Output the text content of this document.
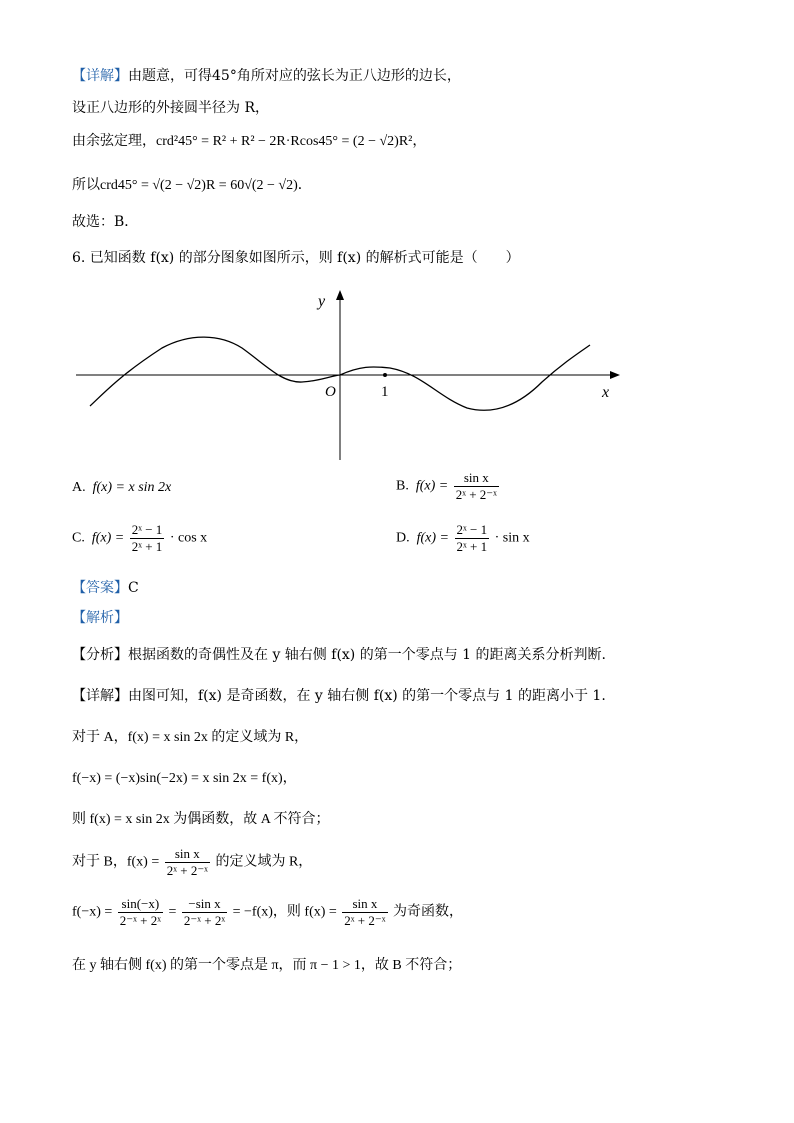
【详解】由题意，可得45°角所对应的弦长为正八边形的边长，
设正八边形的外接圆半径为 R，
由余弦定理，crd²45° = R² + R² − 2R·Rcos45° = (2 − √2)R²，
所以crd45° = √(2 − √2)R = 60√(2 − √2)．
故选：B．
6. 已知函数 f(x) 的部分图象如图所示，则 f(x) 的解析式可能是（　　）
y
x
O	1
A. f(x) = x sin 2x	B. $f(x) = \frac{\text{sin x}}{\text{2ˣ + 2⁻ˣ}}$
C. $f(x) = \frac{\text{2ˣ − 1}}{\text{2ˣ + 1}} \cdot \cos x$	D. $f(x) = \frac{\text{2ˣ − 1}}{\text{2ˣ + 1}} \cdot \sin x$
【答案】C
【解析】
【分析】根据函数的奇偶性及在 y 轴右侧 f(x) 的第一个零点与 1 的距离关系分析判断.
【详解】由图可知，f(x) 是奇函数，在 y 轴右侧 f(x) 的第一个零点与 1 的距离小于 1.
对于 A，f(x) = x sin 2x 的定义域为 R，
f(−x) = (−x)sin(−2x) = x sin 2x = f(x)，
则 f(x) = x sin 2x 为偶函数，故 A 不符合；
对于 B，$f(x) = \frac{\text{sin x}}{\text{2ˣ + 2⁻ˣ}}$ 的定义域为 R，
$f(-x) = \frac{\sin(-x)}{\text{2⁻ˣ + 2ˣ}} = \frac{\text{−sin x}}{\text{2⁻ˣ + 2ˣ}} = -f(x)$，则 $f(x) = \frac{\text{sin x}}{\text{2ˣ + 2⁻ˣ}}$ 为奇函数，
在 y 轴右侧 f(x) 的第一个零点是 π，而 π − 1 > 1，故 B 不符合；
